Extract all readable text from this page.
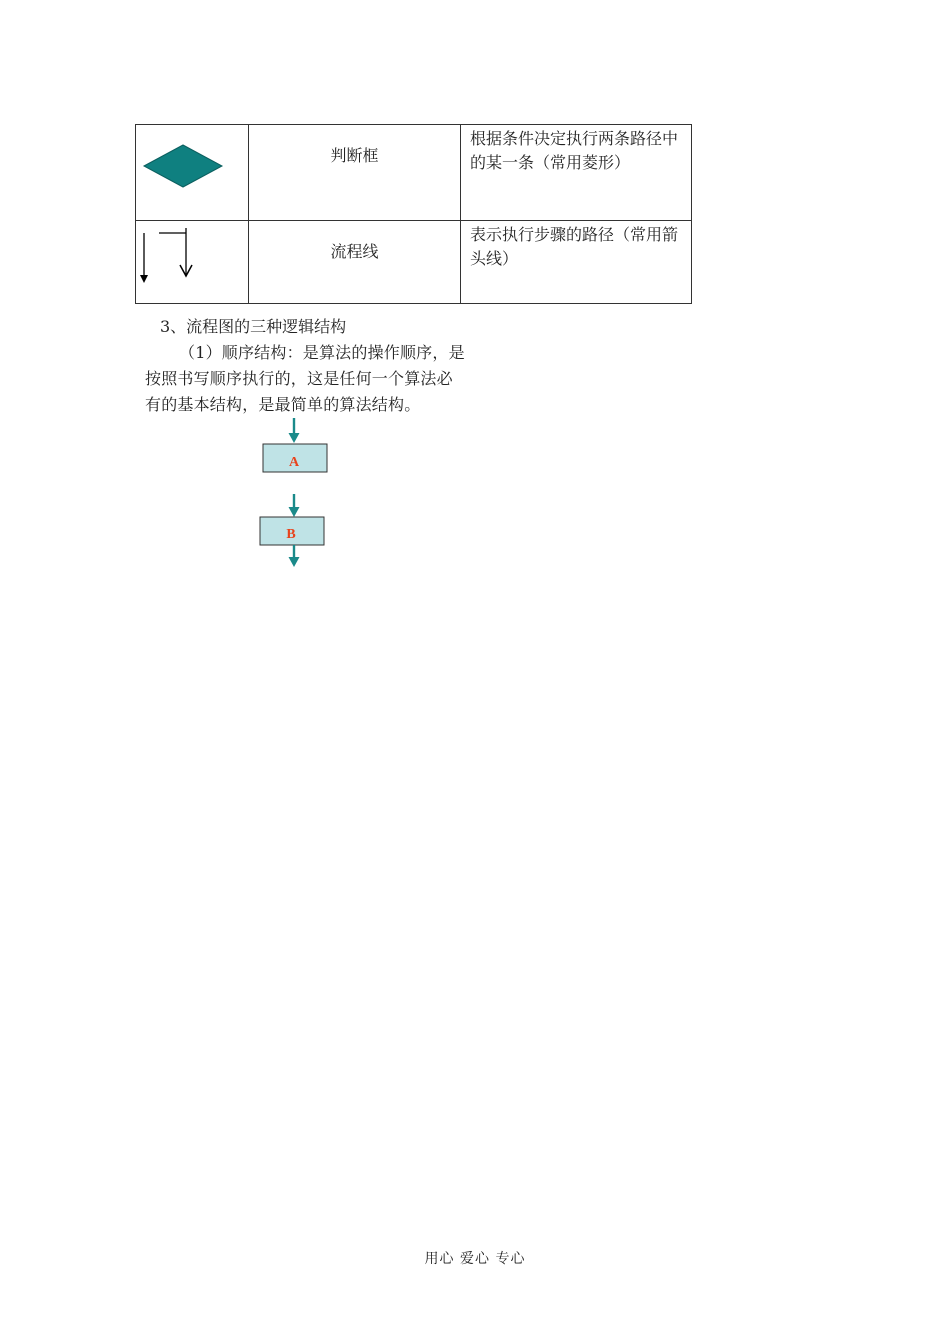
判断框	根据条件决定执行两条路径中的某一条（常用菱形）

流程线	表示执行步骤的路径（常用箭头线）
3、流程图的三种逻辑结构
（1）顺序结构：是算法的操作顺序，是按照书写顺序执行的，这是任何一个算法必有的基本结构，是最简单的算法结构。
A
B
用心 爱心 专心
